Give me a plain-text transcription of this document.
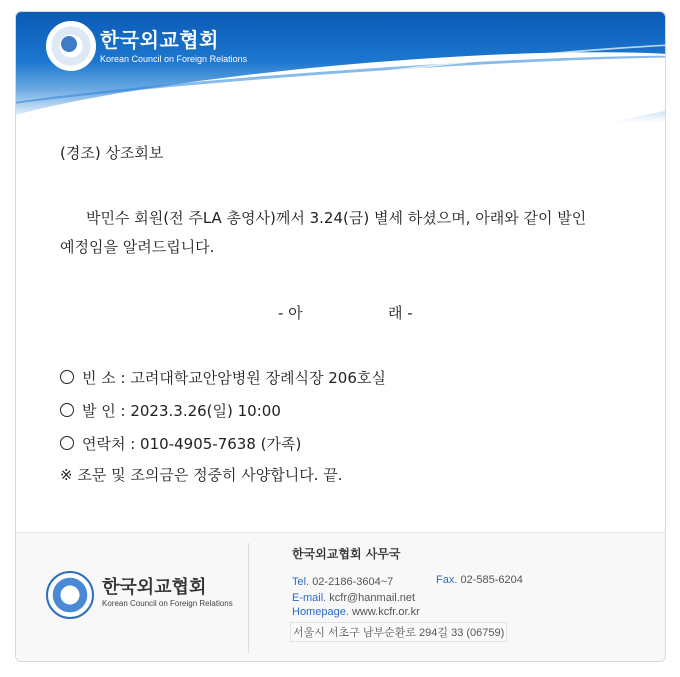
한국외교협회
Korean Council on Foreign Relations
(경조) 상조회보
박민수 회원(전 주LA 총영사)께서 3.24(금) 별세 하셨으며, 아래와 같이 발인
예정임을 알려드립니다.
- 아	래 -
빈 소 : 고려대학교안암병원 장례식장 206호실
발 인 : 2023.3.26(일) 10:00
연락처 : 010-4905-7638 (가족)
※ 조문 및 조의금은 정중히 사양합니다. 끝.
한국외교협회
Korean Council on Foreign Relations
한국외교협회 사무국
Tel. 02-2186-3604~7	Fax. 02-585-6204
E-mail. kcfr@hanmail.net
Homepage. www.kcfr.or.kr
서울시 서초구 남부순환로 294길 33 (06759)
